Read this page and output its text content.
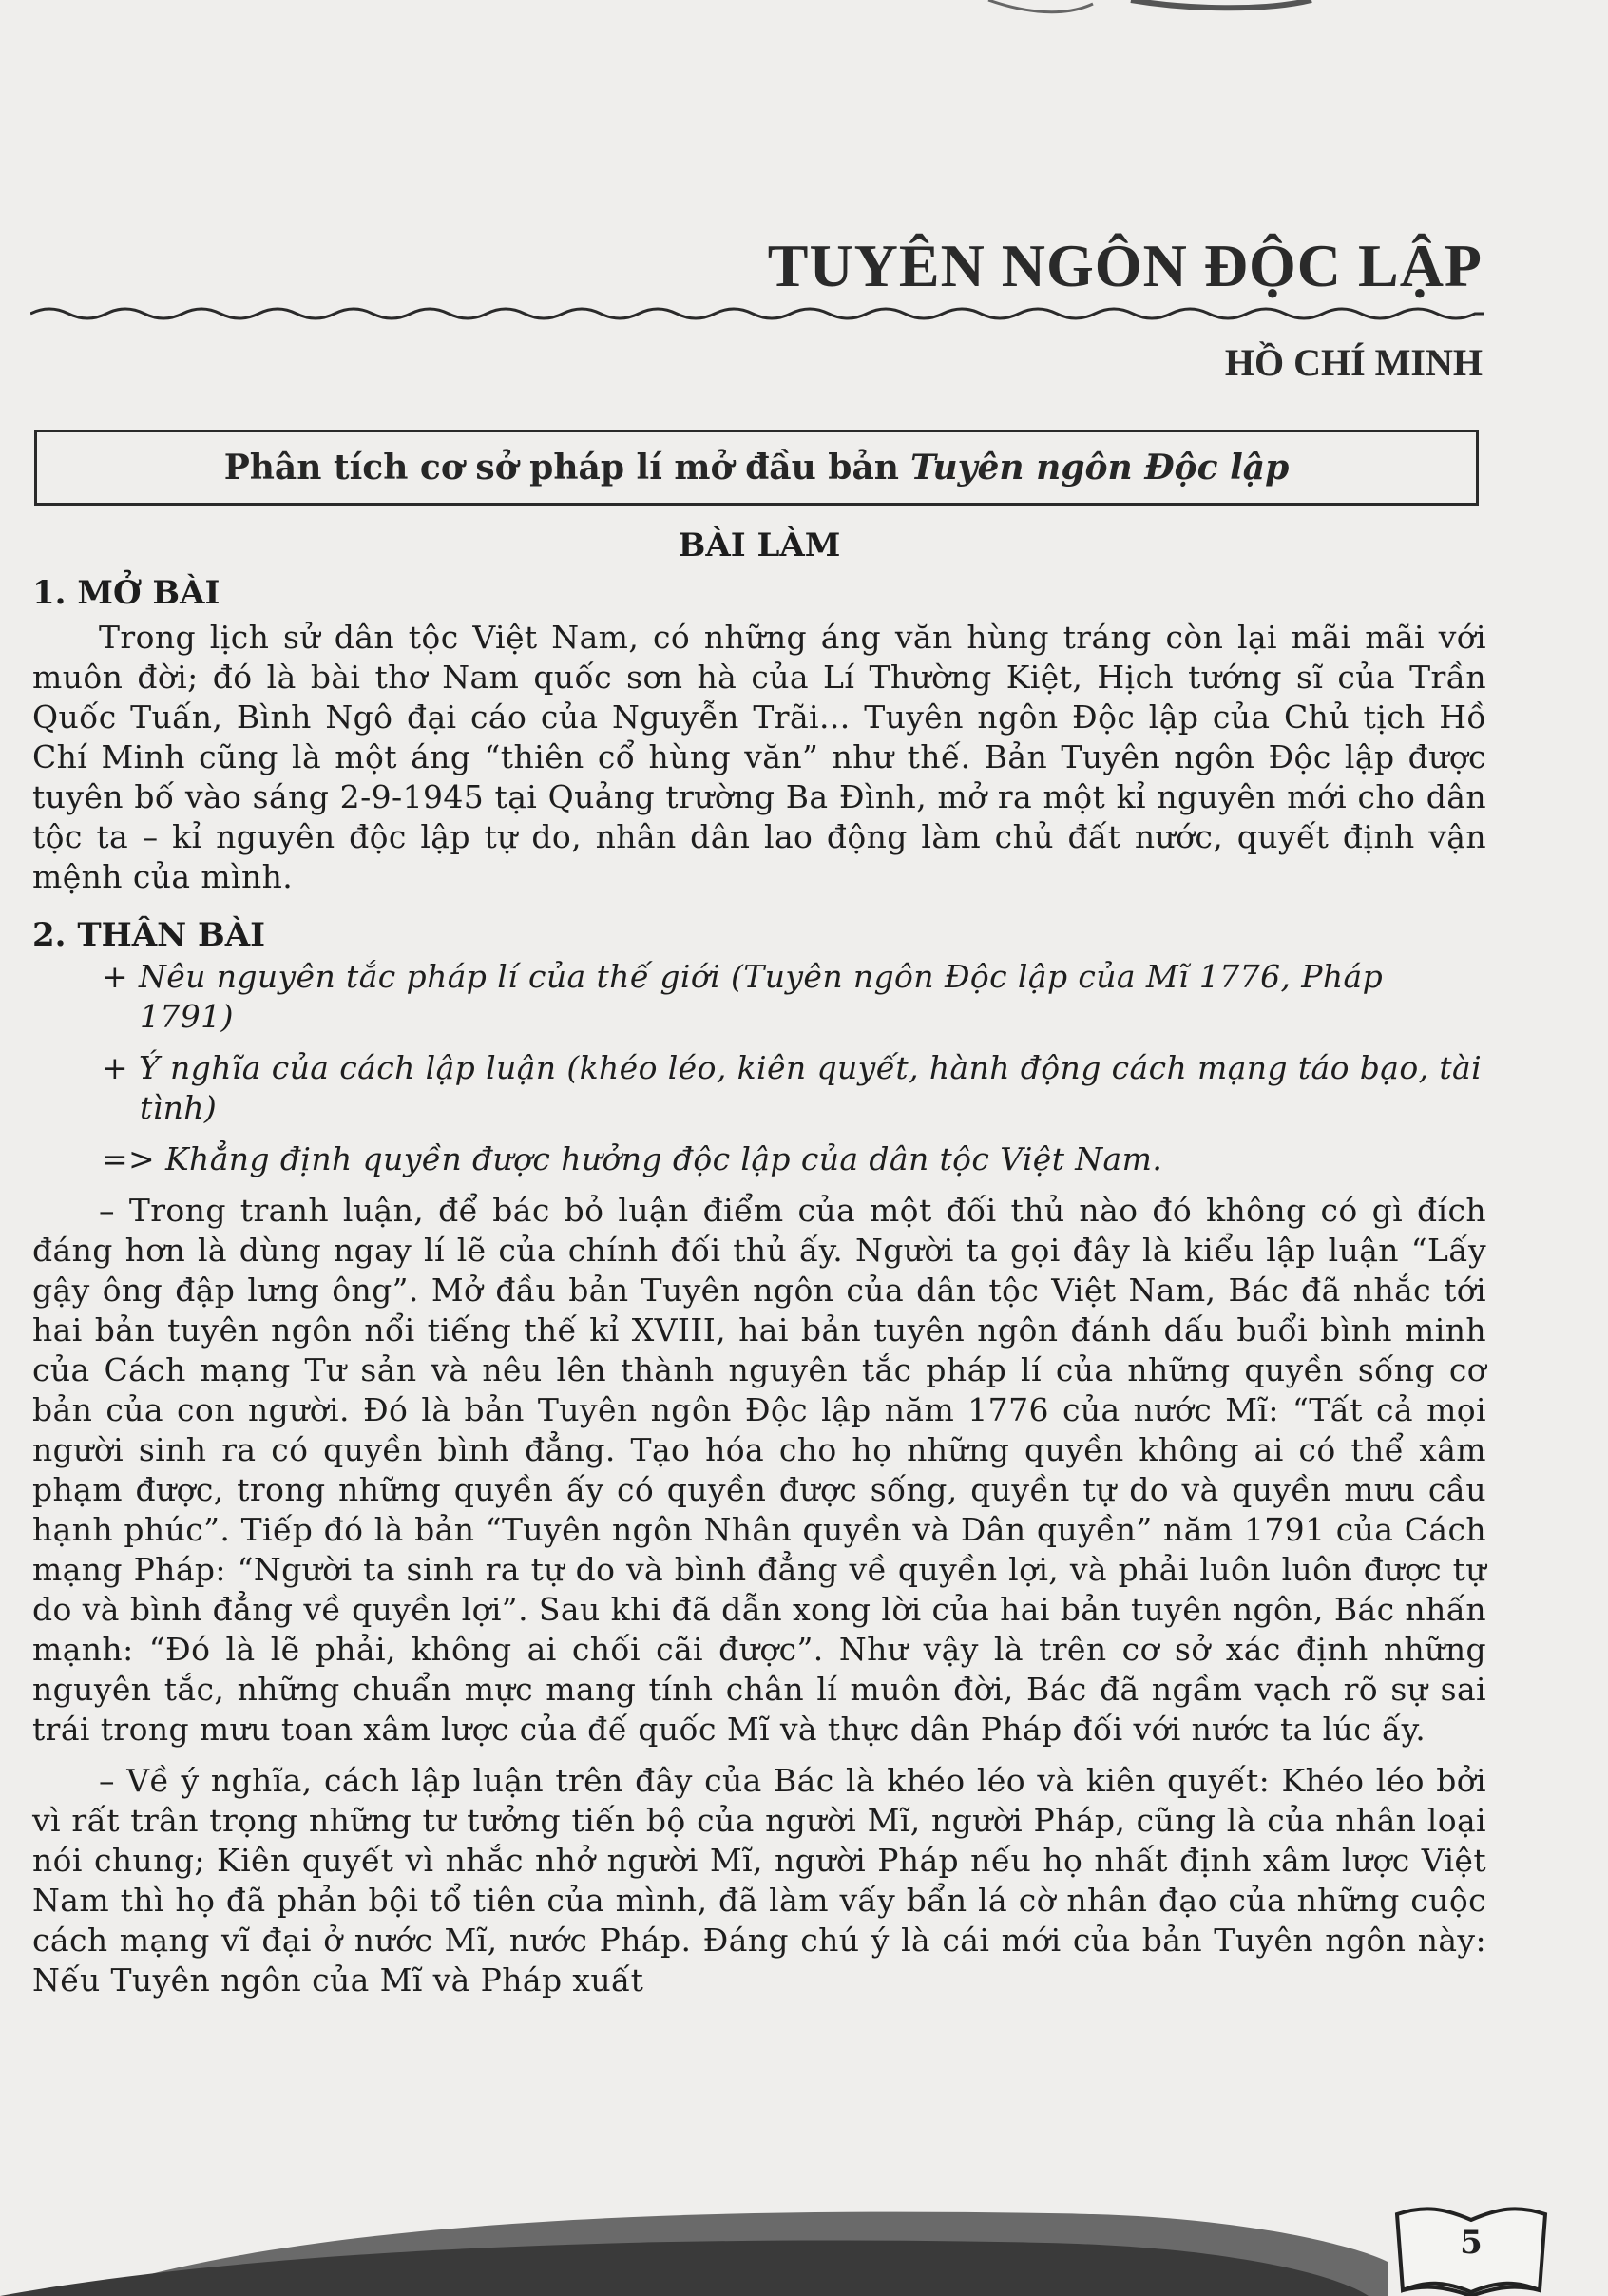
TUYÊN NGÔN ĐỘC LẬP
HỒ CHÍ MINH
Phân tích cơ sở pháp lí mở đầu bản Tuyên ngôn Độc lập
BÀI LÀM
1. MỞ BÀI

Trong lịch sử dân tộc Việt Nam, có những áng văn hùng tráng còn lại mãi mãi với muôn đời; đó là bài thơ Nam quốc sơn hà của Lí Thường Kiệt, Hịch tướng sĩ của Trần Quốc Tuấn, Bình Ngô đại cáo của Nguyễn Trãi... Tuyên ngôn Độc lập của Chủ tịch Hồ Chí Minh cũng là một áng “thiên cổ hùng văn” như thế. Bản Tuyên ngôn Độc lập được tuyên bố vào sáng 2-9-1945 tại Quảng trường Ba Đình, mở ra một kỉ nguyên mới cho dân tộc ta – kỉ nguyên độc lập tự do, nhân dân lao động làm chủ đất nước, quyết định vận mệnh của mình.

2. THÂN BÀI
+ Nêu nguyên tắc pháp lí của thế giới (Tuyên ngôn Độc lập của Mĩ 1776, Pháp 1791)
+ Ý nghĩa của cách lập luận (khéo léo, kiên quyết, hành động cách mạng táo bạo, tài tình)
=> Khẳng định quyền được hưởng độc lập của dân tộc Việt Nam.

– Trong tranh luận, để bác bỏ luận điểm của một đối thủ nào đó không có gì đích đáng hơn là dùng ngay lí lẽ của chính đối thủ ấy. Người ta gọi đây là kiểu lập luận “Lấy gậy ông đập lưng ông”. Mở đầu bản Tuyên ngôn của dân tộc Việt Nam, Bác đã nhắc tới hai bản tuyên ngôn nổi tiếng thế kỉ XVIII, hai bản tuyên ngôn đánh dấu buổi bình minh của Cách mạng Tư sản và nêu lên thành nguyên tắc pháp lí của những quyền sống cơ bản của con người. Đó là bản Tuyên ngôn Độc lập năm 1776 của nước Mĩ: “Tất cả mọi người sinh ra có quyền bình đẳng. Tạo hóa cho họ những quyền không ai có thể xâm phạm được, trong những quyền ấy có quyền được sống, quyền tự do và quyền mưu cầu hạnh phúc”. Tiếp đó là bản “Tuyên ngôn Nhân quyền và Dân quyền” năm 1791 của Cách mạng Pháp: “Người ta sinh ra tự do và bình đẳng về quyền lợi, và phải luôn luôn được tự do và bình đẳng về quyền lợi”. Sau khi đã dẫn xong lời của hai bản tuyên ngôn, Bác nhấn mạnh: “Đó là lẽ phải, không ai chối cãi được”. Như vậy là trên cơ sở xác định những nguyên tắc, những chuẩn mực mang tính chân lí muôn đời, Bác đã ngầm vạch rõ sự sai trái trong mưu toan xâm lược của đế quốc Mĩ và thực dân Pháp đối với nước ta lúc ấy.

– Về ý nghĩa, cách lập luận trên đây của Bác là khéo léo và kiên quyết: Khéo léo bởi vì rất trân trọng những tư tưởng tiến bộ của người Mĩ, người Pháp, cũng là của nhân loại nói chung; Kiên quyết vì nhắc nhở người Mĩ, người Pháp nếu họ nhất định xâm lược Việt Nam thì họ đã phản bội tổ tiên của mình, đã làm vấy bẩn lá cờ nhân đạo của những cuộc cách mạng vĩ đại ở nước Mĩ, nước Pháp. Đáng chú ý là cái mới của bản Tuyên ngôn này: Nếu Tuyên ngôn của Mĩ và Pháp xuất

5
